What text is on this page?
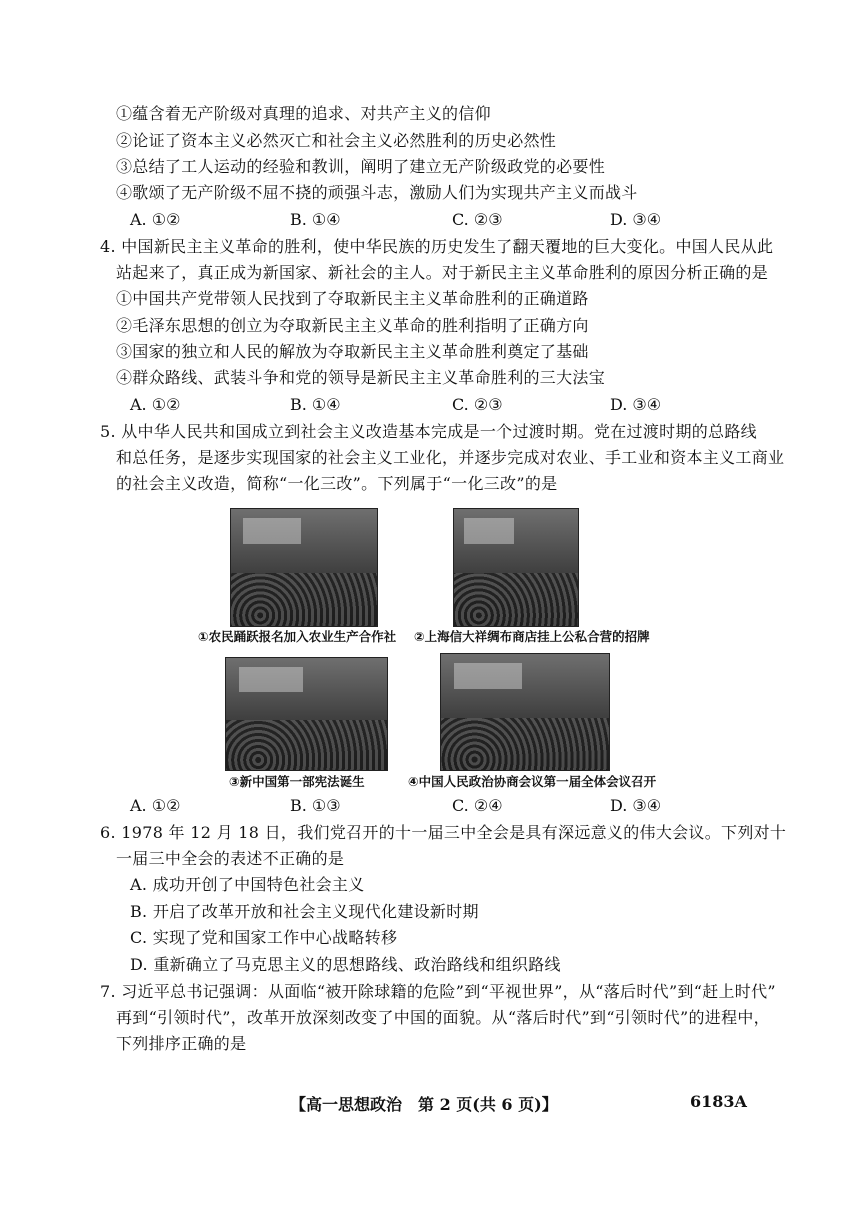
①蕴含着无产阶级对真理的追求、对共产主义的信仰
②论证了资本主义必然灭亡和社会主义必然胜利的历史必然性
③总结了工人运动的经验和教训，阐明了建立无产阶级政党的必要性
④歌颂了无产阶级不屈不挠的顽强斗志，激励人们为实现共产主义而战斗
A. ①②	B. ①④	C. ②③	D. ③④
4. 中国新民主主义革命的胜利，使中华民族的历史发生了翻天覆地的巨大变化。中国人民从此
站起来了，真正成为新国家、新社会的主人。对于新民主主义革命胜利的原因分析正确的是
①中国共产党带领人民找到了夺取新民主主义革命胜利的正确道路
②毛泽东思想的创立为夺取新民主主义革命的胜利指明了正确方向
③国家的独立和人民的解放为夺取新民主主义革命胜利奠定了基础
④群众路线、武装斗争和党的领导是新民主主义革命胜利的三大法宝
A. ①②	B. ①④	C. ②③	D. ③④
5. 从中华人民共和国成立到社会主义改造基本完成是一个过渡时期。党在过渡时期的总路线
和总任务，是逐步实现国家的社会主义工业化，并逐步完成对农业、手工业和资本主义工商业
的社会主义改造，简称“一化三改”。下列属于“一化三改”的是
①农民踊跃报名加入农业生产合作社 ②上海信大祥绸布商店挂上公私合营的招牌
③新中国第一部宪法诞生	④中国人民政治协商会议第一届全体会议召开
A. ①②	B. ①③	C. ②④	D. ③④
6. 1978 年 12 月 18 日，我们党召开的十一届三中全会是具有深远意义的伟大会议。下列对十
一届三中全会的表述不正确的是
A. 成功开创了中国特色社会主义
B. 开启了改革开放和社会主义现代化建设新时期
C. 实现了党和国家工作中心战略转移
D. 重新确立了马克思主义的思想路线、政治路线和组织路线
7. 习近平总书记强调：从面临“被开除球籍的危险”到“平视世界”，从“落后时代”到“赶上时代”
再到“引领时代”，改革开放深刻改变了中国的面貌。从“落后时代”到“引领时代”的进程中，
下列排序正确的是
【高一思想政治　第 2 页(共 6 页)】	6183A
